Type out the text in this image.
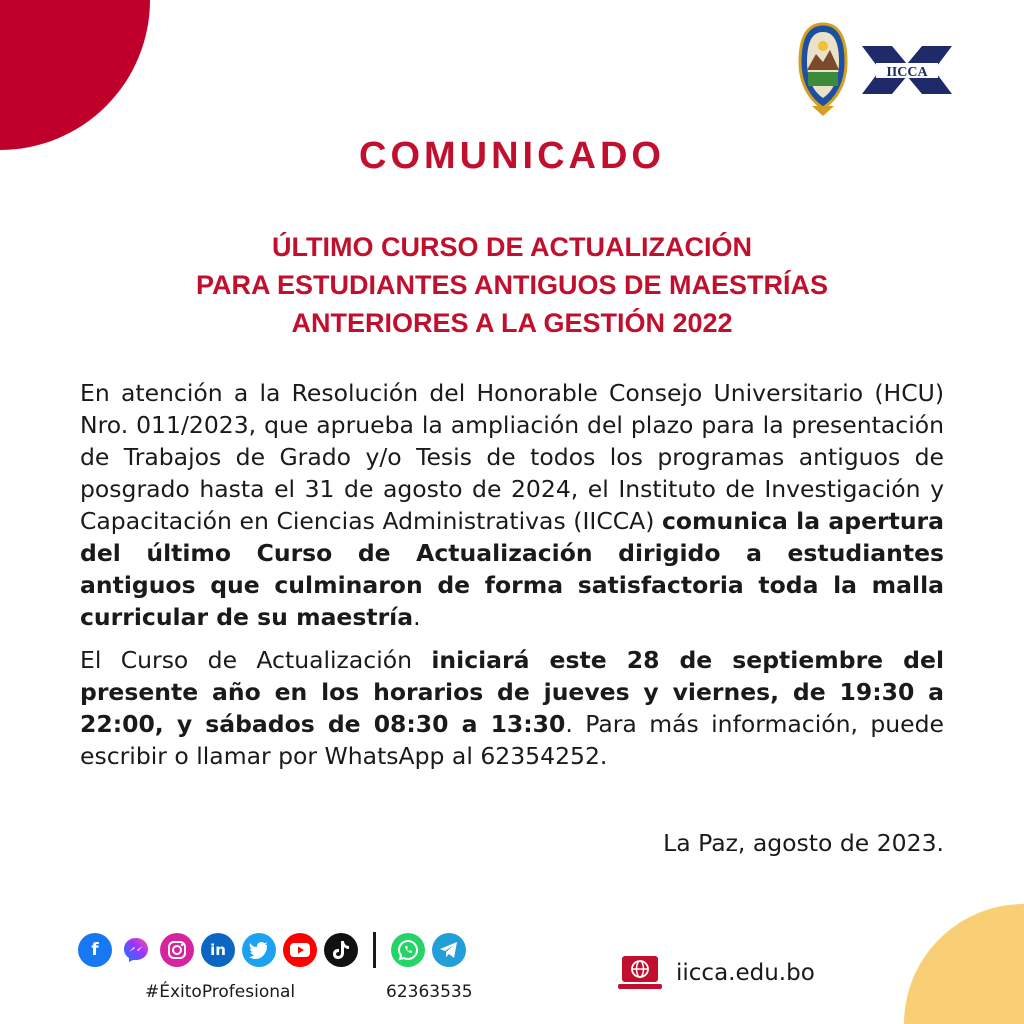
IICCA
COMUNICADO
ÚLTIMO CURSO DE ACTUALIZACIÓN
PARA ESTUDIANTES ANTIGUOS DE MAESTRÍAS
ANTERIORES A LA GESTIÓN 2022

En atención a la Resolución del Honorable Consejo Universitario (HCU) Nro. 011/2023, que aprueba la ampliación del plazo para la presentación de Trabajos de Grado y/o Tesis de todos los programas antiguos de posgrado hasta el 31 de agosto de 2024, el Instituto de Investigación y Capacitación en Ciencias Administrativas (IICCA) comunica la apertura del último Curso de Actualización dirigido a estudiantes antiguos que culminaron de forma satisfactoria toda la malla curricular de su maestría.

El Curso de Actualización iniciará este 28 de septiembre del presente año en los horarios de jueves y viernes, de 19:30 a 22:00, y sábados de 08:30 a 13:30. Para más información, puede escribir o llamar por WhatsApp al 62354252.

La Paz, agosto de 2023.
f	in
#ÉxitoProfesional	62363535
iicca.edu.bo
